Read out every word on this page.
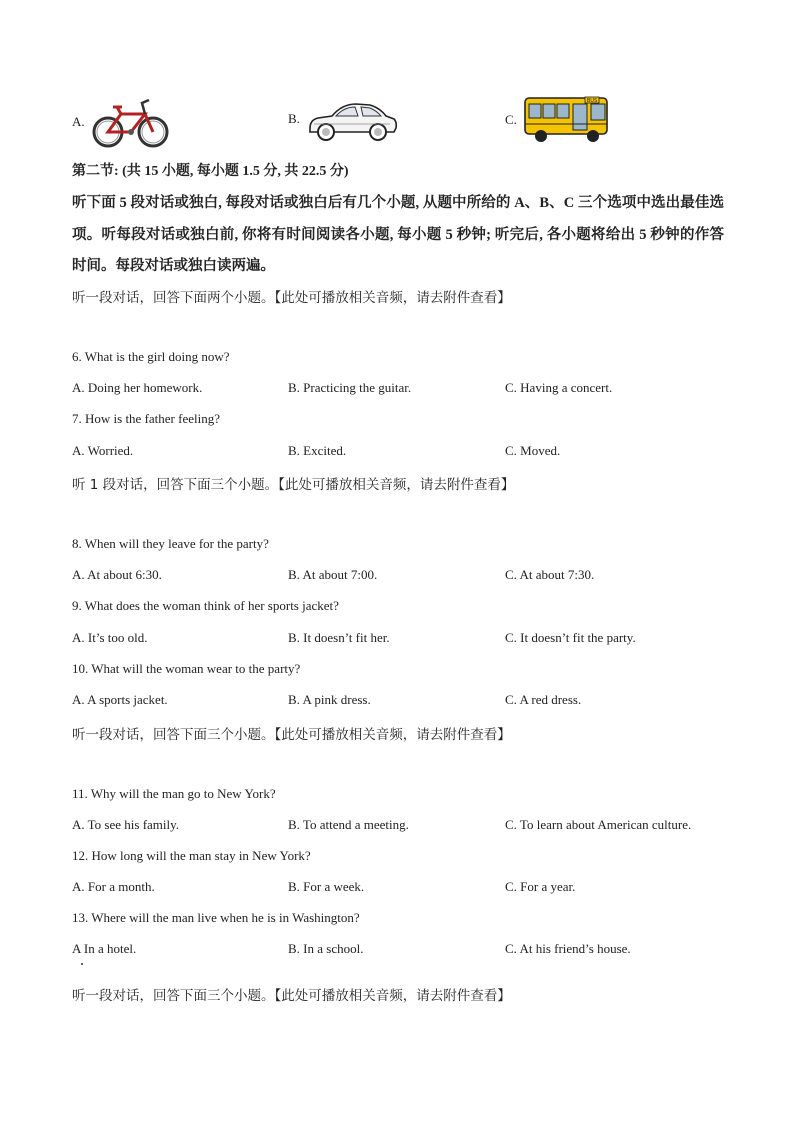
A.	B.	C.
BUS
第二节: (共 15 小题, 每小题 1.5 分, 共 22.5 分)
听下面 5 段对话或独白, 每段对话或独白后有几个小题, 从题中所给的 A、B、C 三个选项中选出最佳选项。听每段对话或独白前, 你将有时间阅读各小题, 每小题 5 秒钟; 听完后, 各小题将给出 5 秒钟的作答时间。每段对话或独白读两遍。
听一段对话，回答下面两个小题。【此处可播放相关音频，请去附件查看】
6. What is the girl doing now?
A. Doing her homework.	B. Practicing the guitar.	C. Having a concert.
7. How is the father feeling?
A. Worried.	B. Excited.	C. Moved.
听 1 段对话，回答下面三个小题。【此处可播放相关音频，请去附件查看】
8. When will they leave for the party?
A. At about 6:30.	B. At about 7:00.	C. At about 7:30.
9. What does the woman think of her sports jacket?
A. It’s too old.	B. It doesn’t fit her.	C. It doesn’t fit the party.
10. What will the woman wear to the party?
A. A sports jacket.	B. A pink dress.	C. A red dress.
听一段对话，回答下面三个小题。【此处可播放相关音频，请去附件查看】
11. Why will the man go to New York?
A. To see his family.	B. To attend a meeting.	C. To learn about American culture.
12. How long will the man stay in New York?
A. For a month.	B. For a week.	C. For a year.
13. Where will the man live when he is in Washington?
A In a hotel.	B. In a school.	C. At his friend’s house.
听一段对话，回答下面三个小题。【此处可播放相关音频，请去附件查看】
